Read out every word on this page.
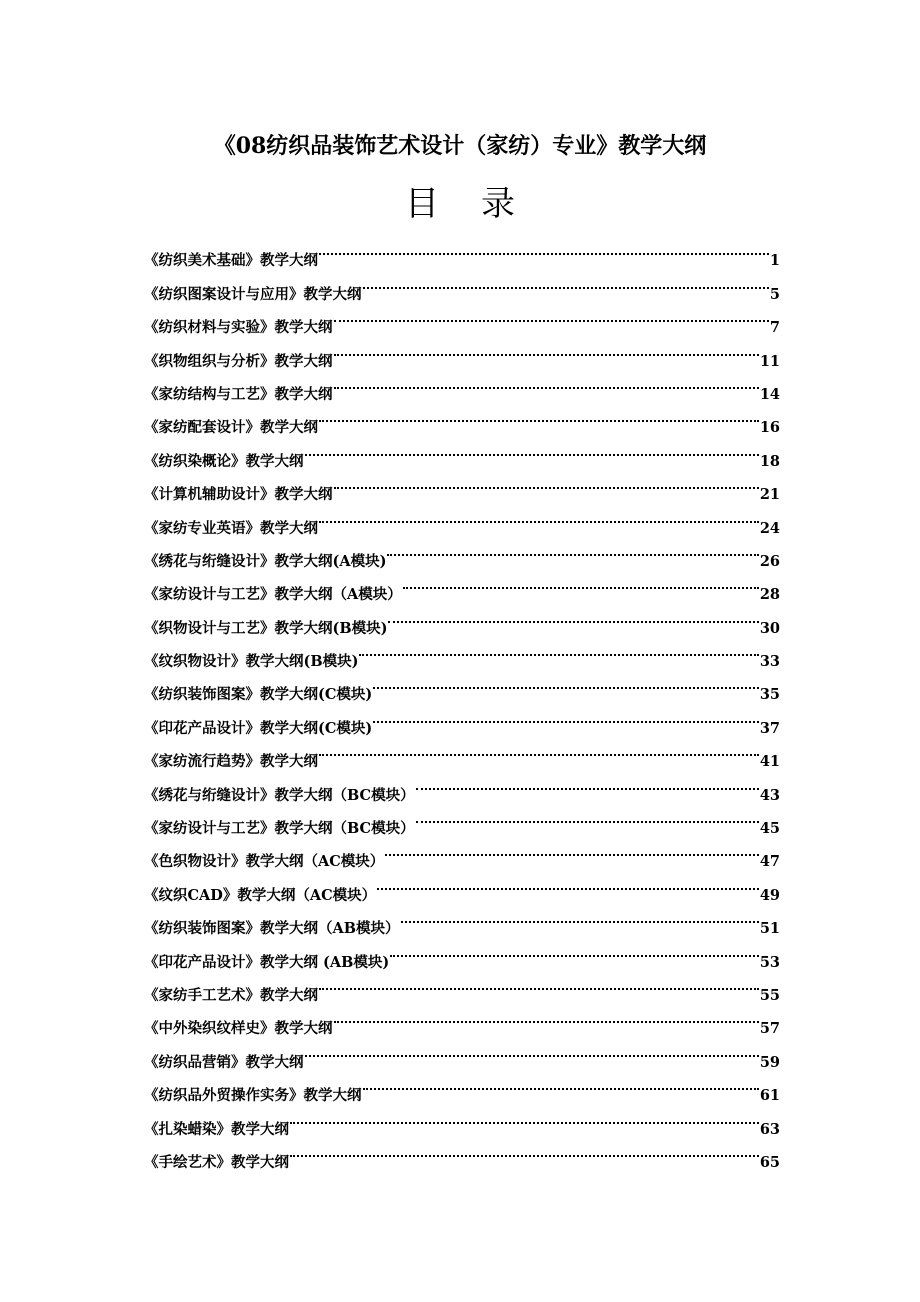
《08纺织品装饰艺术设计（家纺）专业》教学大纲
目录
《纺织美术基础》教学大纲	1
《纺织图案设计与应用》教学大纲	5
《纺织材料与实验》教学大纲	7
《织物组织与分析》教学大纲	11
《家纺结构与工艺》教学大纲	14
《家纺配套设计》教学大纲	16
《纺织染概论》教学大纲	18
《计算机辅助设计》教学大纲	21
《家纺专业英语》教学大纲	24
《绣花与绗缝设计》教学大纲(A模块)	26
《家纺设计与工艺》教学大纲（A模块）	28
《织物设计与工艺》教学大纲(B模块)	30
《纹织物设计》教学大纲(B模块)	33
《纺织装饰图案》教学大纲(C模块)	35
《印花产品设计》教学大纲(C模块)	37
《家纺流行趋势》教学大纲	41
《绣花与绗缝设计》教学大纲（BC模块）	43
《家纺设计与工艺》教学大纲（BC模块）	45
《色织物设计》教学大纲（AC模块）	47
《纹织CAD》教学大纲（AC模块）	49
《纺织装饰图案》教学大纲（AB模块）	51
《印花产品设计》教学大纲 (AB模块)	53
《家纺手工艺术》教学大纲	55
《中外染织纹样史》教学大纲	57
《纺织品营销》教学大纲	59
《纺织品外贸操作实务》教学大纲	61
《扎染蜡染》教学大纲	63
《手绘艺术》教学大纲	65
